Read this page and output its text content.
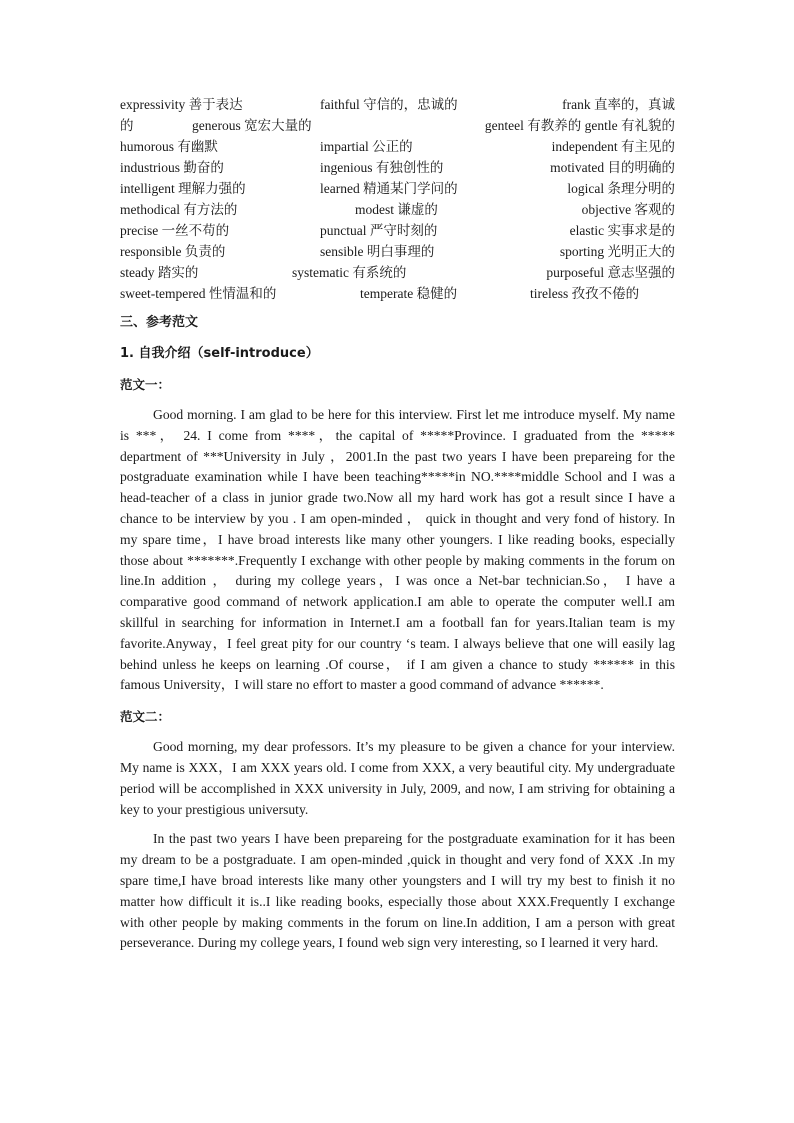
expressivity 善于表达	faithful 守信的，忠诚的	frank 直率的，真诚
的	generous 宽宏大量的	genteel 有教养的 gentle 有礼貌的
humorous 有幽默	impartial 公正的	independent 有主见的
industrious 勤奋的	ingenious 有独创性的	motivated 目的明确的
intelligent 理解力强的	learned 精通某门学问的	logical 条理分明的
methodical 有方法的	modest 谦虚的	objective 客观的
precise 一丝不苟的	punctual 严守时刻的	elastic 实事求是的
responsible 负责的	sensible 明白事理的	sporting 光明正大的
steady 踏实的	systematic 有系统的	purposeful 意志坚强的
sweet-tempered 性情温和的	temperate 稳健的	tireless 孜孜不倦的
三、参考范文
1. 自我介绍（self-introduce）
范文一：

Good morning. I am glad to be here for this interview. First let me introduce myself. My name is ***， 24. I come from ****，the capital of *****Province. I graduated from the ***** department of ***University in July ，2001.In the past two years I have been prepareing for the postgraduate examination while I have been teaching*****in NO.****middle School and I was a head-teacher of a class in junior grade two.Now all my hard work has got a result since I have a chance to be interview by you . I am open-minded ， quick in thought and very fond of history. In my spare time，I have broad interests like many other youngers. I like reading books, especially those about *******.Frequently I exchange with other people by making comments in the forum on line.In addition ， during my college years，I was once a Net-bar technician.So， I have a comparative good command of network application.I am able to operate the computer well.I am skillful in searching for information in Internet.I am a football fan for years.Italian team is my favorite.Anyway，I feel great pity for our country ‘s team. I always believe that one will easily lag behind unless he keeps on learning .Of course， if I am given a chance to study ****** in this famous University，I will stare no effort to master a good command of advance ******.

范文二：

Good morning, my dear professors. It’s my pleasure to be given a chance for your interview. My name is XXX，I am XXX years old. I come from XXX, a very beautiful city. My undergraduate period will be accomplished in XXX university in July, 2009, and now, I am striving for obtaining a key to your prestigious universuty.

In the past two years I have been prepareing for the postgraduate examination for it has been my dream to be a postgraduate. I am open-minded ,quick in thought and very fond of XXX .In my spare time,I have broad interests like many other youngsters and I will try my best to finish it no matter how difficult it is..I like reading books, especially those about XXX.Frequently I exchange with other people by making comments in the forum on line.In addition, I am a person with great perseverance. During my college years, I found web sign very interesting, so I learned it very hard.
